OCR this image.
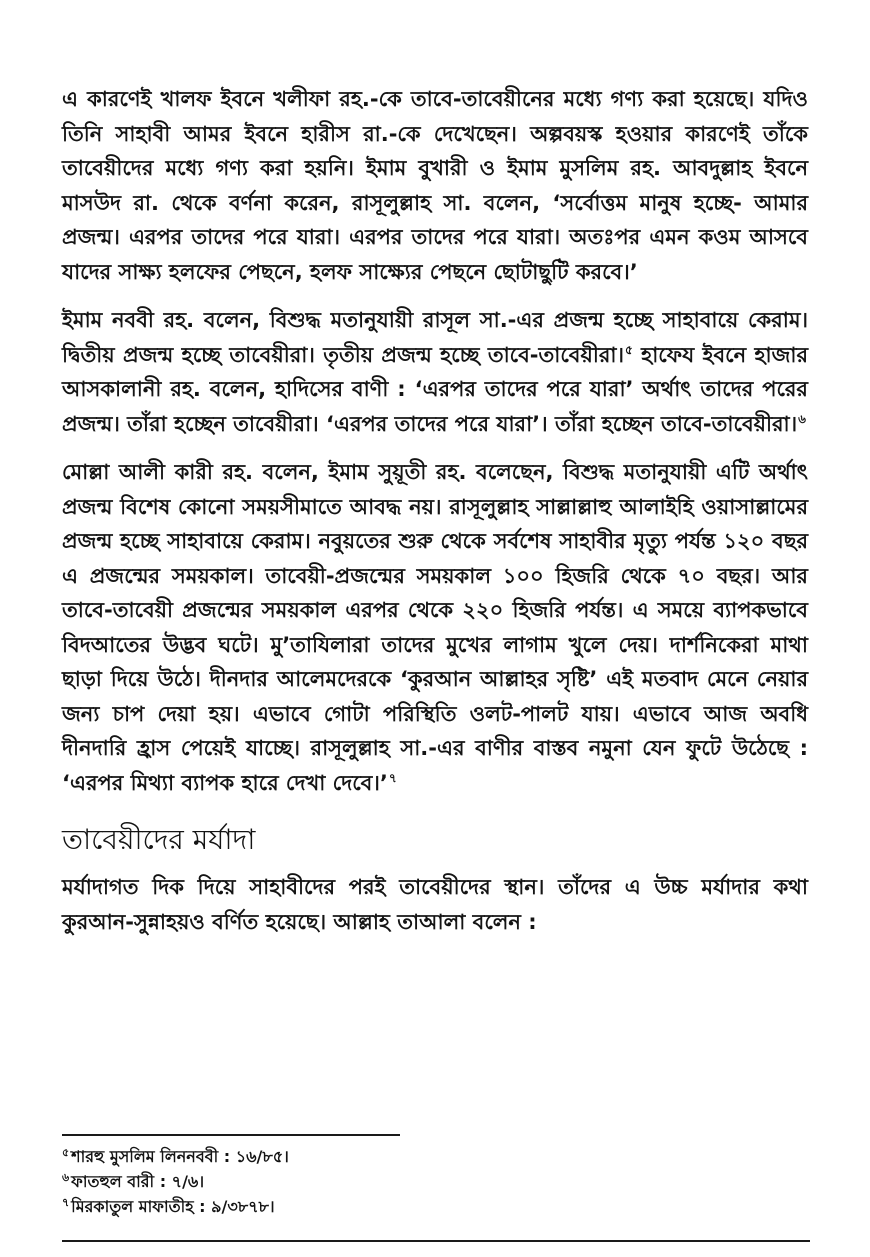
এ কারণেই খালফ ইবনে খলীফা রহ.-কে তাবে-তাবেয়ীনের মধ্যে গণ্য করা হয়েছে। যদিও তিনি সাহাবী আমর ইবনে হারীস রা.-কে দেখেছেন। অল্পবয়স্ক হওয়ার কারণেই তাঁকে তাবেয়ীদের মধ্যে গণ্য করা হয়নি। ইমাম বুখারী ও ইমাম মুসলিম রহ. আবদুল্লাহ ইবনে মাসউদ রা. থেকে বর্ণনা করেন, রাসূলুল্লাহ সা. বলেন, ‘সর্বোত্তম মানুষ হচ্ছে- আমার প্রজন্ম। এরপর তাদের পরে যারা। এরপর তাদের পরে যারা। অতঃপর এমন কওম আসবে যাদের সাক্ষ্য হলফের পেছনে, হলফ সাক্ষ্যের পেছনে ছোটাছুটি করবে।’

ইমাম নববী রহ. বলেন, বিশুদ্ধ মতানুযায়ী রাসূল সা.-এর প্রজন্ম হচ্ছে সাহাবায়ে কেরাম। দ্বিতীয় প্রজন্ম হচ্ছে তাবেয়ীরা। তৃতীয় প্রজন্ম হচ্ছে তাবে-তাবেয়ীরা।$^৫$ হাফেয ইবনে হাজার আসকালানী রহ. বলেন, হাদিসের বাণী : ‘এরপর তাদের পরে যারা’ অর্থাৎ তাদের পরের প্রজন্ম। তাঁরা হচ্ছেন তাবেয়ীরা। ‘এরপর তাদের পরে যারা’। তাঁরা হচ্ছেন তাবে-তাবেয়ীরা।$^৬$

মোল্লা আলী কারী রহ. বলেন, ইমাম সুয়ূতী রহ. বলেছেন, বিশুদ্ধ মতানুযায়ী এটি অর্থাৎ প্রজন্ম বিশেষ কোনো সময়সীমাতে আবদ্ধ নয়। রাসূলুল্লাহ সাল্লাল্লাহু আলাইহি ওয়াসাল্লামের প্রজন্ম হচ্ছে সাহাবায়ে কেরাম। নবুয়তের শুরু থেকে সর্বশেষ সাহাবীর মৃত্যু পর্যন্ত ১২০ বছর এ প্রজন্মের সময়কাল। তাবেয়ী-প্রজন্মের সময়কাল ১০০ হিজরি থেকে ৭০ বছর। আর তাবে-তাবেয়ী প্রজন্মের সময়কাল এরপর থেকে ২২০ হিজরি পর্যন্ত। এ সময়ে ব্যাপকভাবে বিদআতের উদ্ভব ঘটে। মু’তাযিলারা তাদের মুখের লাগাম খুলে দেয়। দার্শনিকেরা মাথা ছাড়া দিয়ে উঠে। দীনদার আলেমদেরকে ‘কুরআন আল্লাহর সৃষ্টি’ এই মতবাদ মেনে নেয়ার জন্য চাপ দেয়া হয়। এভাবে গোটা পরিস্থিতি ওলট-পালট যায়। এভাবে আজ অবধি দীনদারি হ্রাস পেয়েই যাচ্ছে। রাসূলুল্লাহ সা.-এর বাণীর বাস্তব নমুনা যেন ফুটে উঠেছে : ‘এরপর মিথ্যা ব্যাপক হারে দেখা দেবে।’$^৭$

তাবেয়ীদের মর্যাদা

মর্যাদাগত দিক দিয়ে সাহাবীদের পরই তাবেয়ীদের স্থান। তাঁদের এ উচ্চ মর্যাদার কথা কুরআন-সুন্নাহয়ও বর্ণিত হয়েছে। আল্লাহ তাআলা বলেন :

$^৫$ শারহু মুসলিম লিননববী : ১৬/৮৫।
$^৬$ ফাতহুল বারী : ৭/৬।
$^৭$ মিরকাতুল মাফাতীহ : ৯/৩৮৭৮।
